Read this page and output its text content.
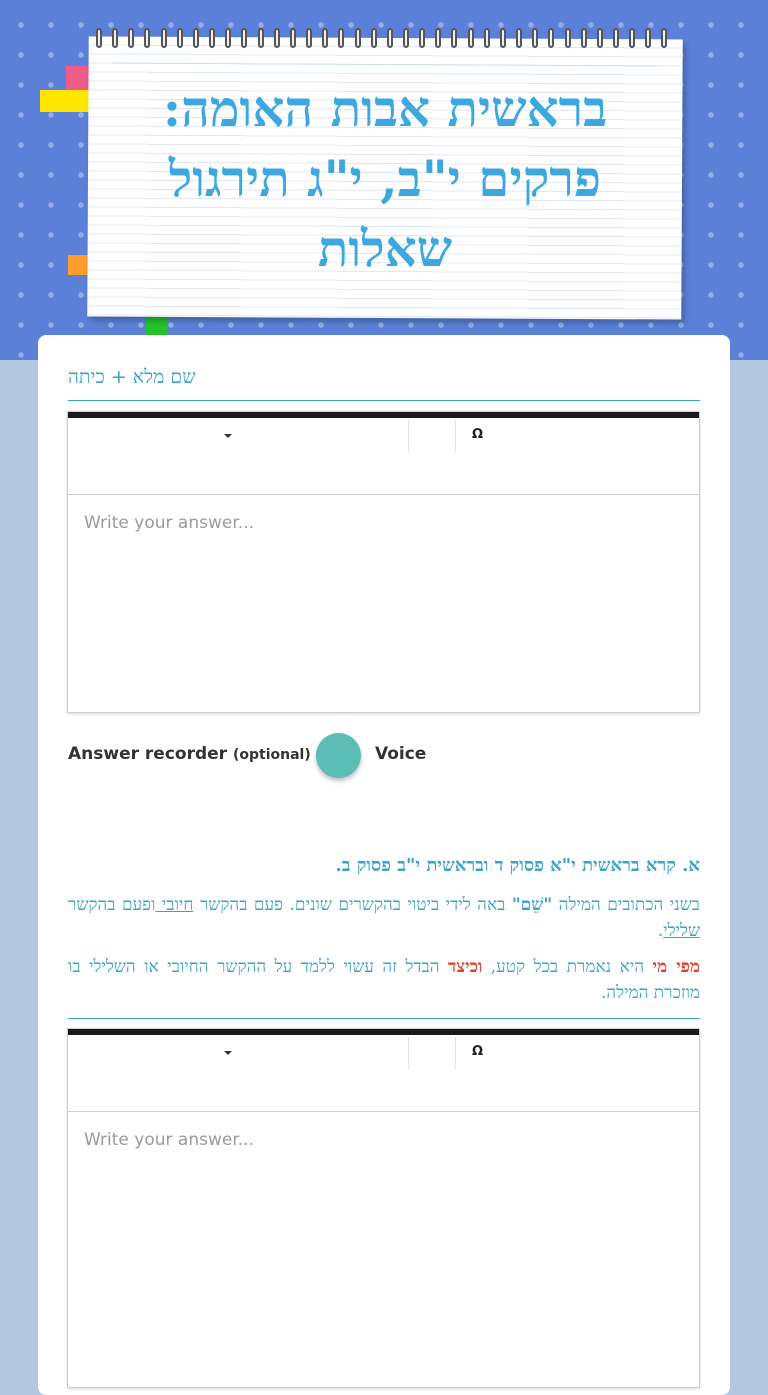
בראשית אבות האומה: פרקים י"ב, י"ג תירגול שאלות
שם מלא + כיתה
Ω
Write your answer...
Answer recorder (optional)	Voice
א. קרא בראשית י"א פסוק ד ובראשית י"ב פסוק ב.
בשני הכתובים המילה "שֵׁם" באה לידי ביטוי בהקשרים שונים. פעם בהקשר חיובי ופעם בהקשר שלילי.
מפי מי היא נאמרת בכל קטע, וכיצד הבדל זה עשוי ללמד על ההקשר החיובי או השלילי בו מוזכרת המילה.
Ω
Write your answer...
